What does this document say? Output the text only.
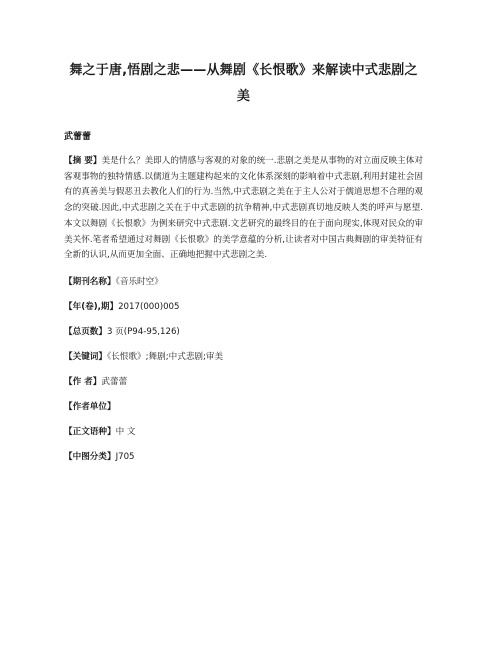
舞之于唐,悟剧之悲——从舞剧《长恨歌》来解读中式悲剧之美
武蕾蕾
【摘 要】美是什么？美即人的情感与客观的对象的统一.悲剧之美是从事物的对立面反映主体对客观事物的独特情感.以儒道为主题建构起来的文化体系深刻的影响着中式悲剧,利用封建社会固有的真善美与假恶丑去教化人们的行为.当然,中式悲剧之美在于主人公对于儒道思想不合理的观念的突破.因此,中式悲剧之关在于中式悲剧的抗争精神,中式悲剧真切地反映人类的呼声与愿望.本文以舞剧《长恨歌》为例来研究中式悲剧.文艺研究的最终目的在于面向现实,体现对民众的审美关怀.笔者希望通过对舞剧《长恨歌》的美学意蕴的分析,让读者对中国古典舞剧的审美特征有全新的认识,从而更加全面、正确地把握中式悲剧之美.
【期刊名称】《音乐时空》
【年(卷),期】2017(000)005
【总页数】3 页(P94-95,126)
【关键词】《长恨歌》;舞剧;中式悲剧;审美
【作 者】武蕾蕾
【作者单位】
【正文语种】中 文
【中图分类】J705
